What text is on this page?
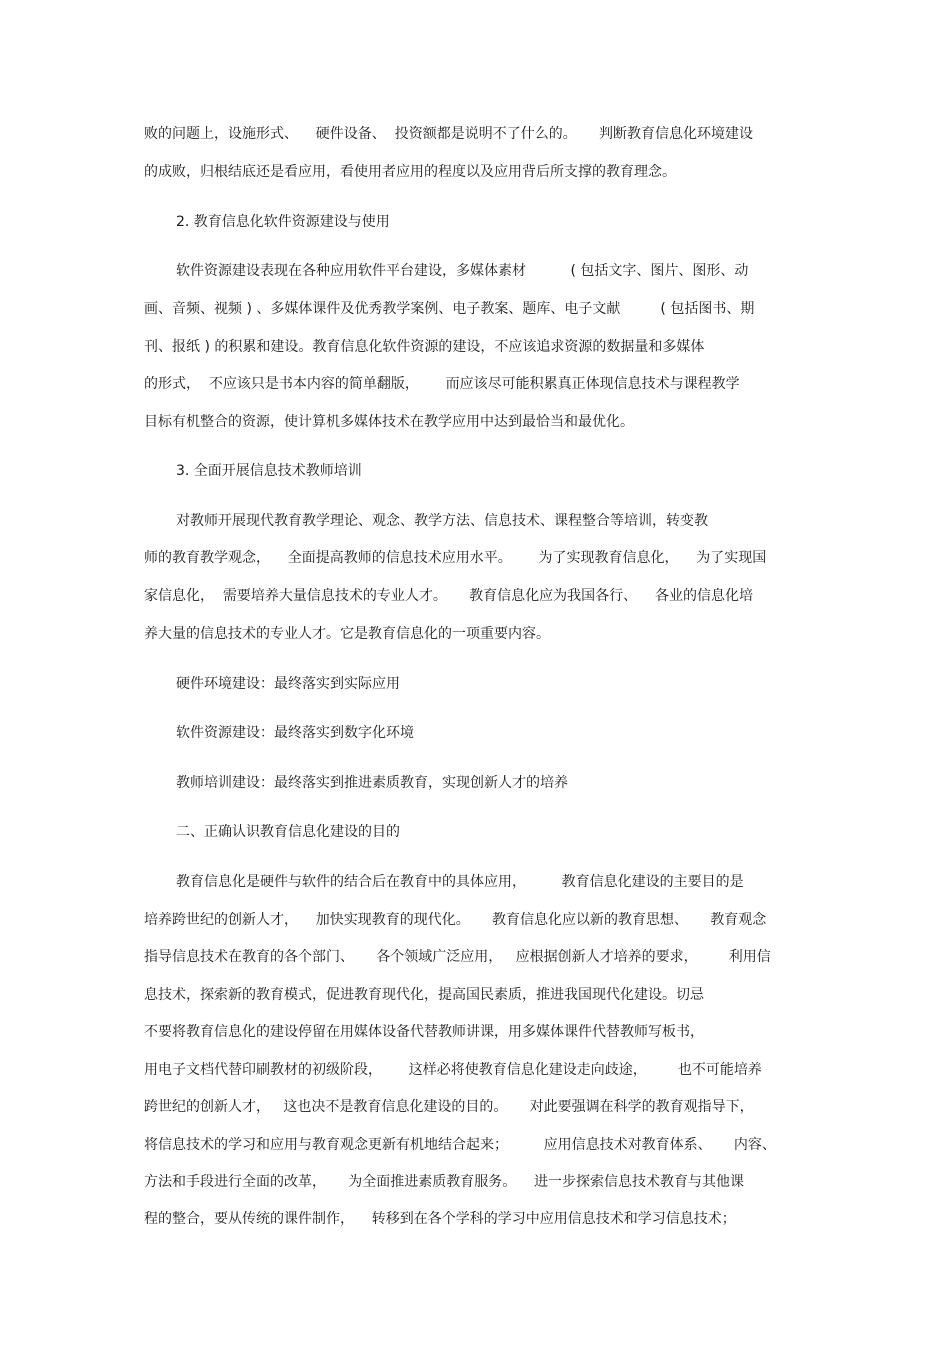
败的问题上，设施形式、    硬件设备、  投资额都是说明不了什么的。     判断教育信息化环境建设

的成败，归根结底还是看应用，看使用者应用的程度以及应用背后所支撑的教育理念。

2. 教育信息化软件资源建设与使用

软件资源建设表现在各种应用软件平台建设，多媒体素材          ( 包括文字、图片、图形、动

画、音频、视频 ) 、多媒体课件及优秀教学案例、电子教案、题库、电子文献         ( 包括图书、期

刊、报纸 ) 的积累和建设。教育信息化软件资源的建设，不应该追求资源的数据量和多媒体

的形式，  不应该只是书本内容的简单翻版，      而应该尽可能积累真正体现信息技术与课程教学

目标有机整合的资源，使计算机多媒体技术在教学应用中达到最恰当和最优化。

3. 全面开展信息技术教师培训

对教师开展现代教育教学理论、观念、教学方法、信息技术、课程整合等培训，转变教

师的教育教学观念，    全面提高教师的信息技术应用水平。      为了实现教育信息化，    为了实现国

家信息化，  需要培养大量信息技术的专业人才。     教育信息化应为我国各行、    各业的信息化培

养大量的信息技术的专业人才。它是教育信息化的一项重要内容。

硬件环境建设：最终落实到实际应用

软件资源建设：最终落实到数字化环境

教师培训建设：最终落实到推进素质教育，实现创新人才的培养

二、正确认识教育信息化建设的目的

教育信息化是硬件与软件的结合后在教育中的具体应用，        教育信息化建设的主要目的是

培养跨世纪的创新人才，    加快实现教育的现代化。     教育信息化应以新的教育思想、     教育观念

指导信息技术在教育的各个部门、     各个领域广泛应用，   应根据创新人才培养的要求，       利用信

息技术，探索新的教育模式，促进教育现代化，提高国民素质，推进我国现代化建设。切忌

不要将教育信息化的建设停留在用媒体设备代替教师讲课，用多媒体课件代替教师写板书，

用电子文档代替印刷教材的初级阶段，      这样必将使教育信息化建设走向歧途，       也不可能培养

跨世纪的创新人才，   这也决不是教育信息化建设的目的。     对此要强调在科学的教育观指导下，

将信息技术的学习和应用与教育观念更新有机地结合起来；        应用信息技术对教育体系、     内容、

方法和手段进行全面的改革，     为全面推进素质教育服务。    进一步探索信息技术教育与其他课

程的整合，要从传统的课件制作，    转移到在各个学科的学习中应用信息技术和学习信息技术；
